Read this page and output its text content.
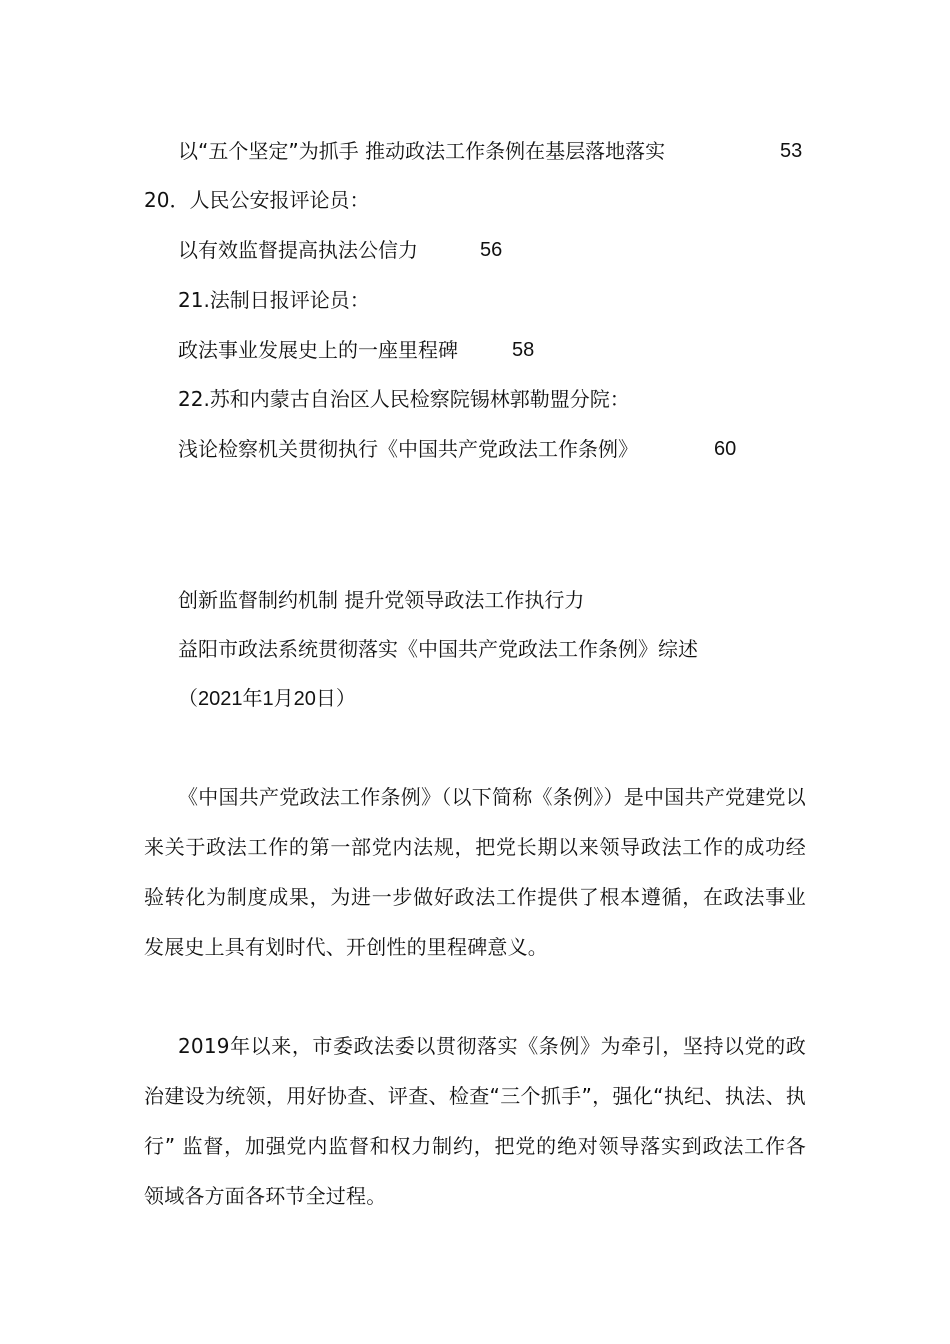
以“五个坚定”为抓手 推动政法工作条例在基层落地落实	53
20．人民公安报评论员：
以有效监督提高执法公信力	56
21.法制日报评论员：
政法事业发展史上的一座里程碑	58
22.苏和内蒙古自治区人民检察院锡林郭勒盟分院：
浅论检察机关贯彻执行《中国共产党政法工作条例》	60
创新监督制约机制 提升党领导政法工作执行力
益阳市政法系统贯彻落实《中国共产党政法工作条例》综述
（2021年1月20日）
《中国共产党政法工作条例》（以下简称《条例》）是中国共产党建党以来关于政法工作的第一部党内法规，把党长期以来领导政法工作的成功经验转化为制度成果，为进一步做好政法工作提供了根本遵循，在政法事业发展史上具有划时代、开创性的里程碑意义。
2019年以来，市委政法委以贯彻落实《条例》为牵引，坚持以党的政治建设为统领，用好协查、评查、检查“三个抓手”，强化“执纪、执法、执行” 监督，加强党内监督和权力制约，把党的绝对领导落实到政法工作各领域各方面各环节全过程。
